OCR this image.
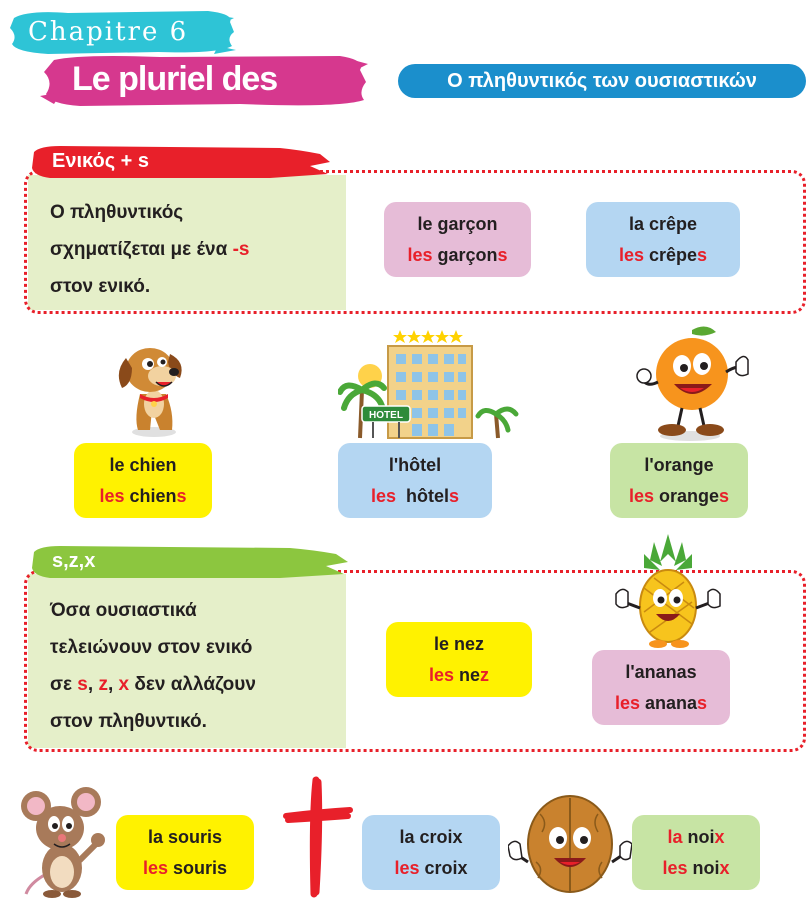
Chapitre 6
Le pluriel des noms
Ο πληθυντικός των ουσιαστικών
Ενικός + s
Ο πληθυντικός
σχηματίζεται με ένα -s
στον ενικό.
le garçon
les garçons
la crêpe
les crêpes
HOTEL
le chien
les chiens
l'hôtel
les  hôtels
l'orange
les oranges
s,z,x
Όσα ουσιαστικά
τελειώνουν στον ενικό
σε s, z, x δεν αλλάζουν
στον πληθυντικό.
le nez
les nez	l'ananas
les ananas
la souris
les souris
la croix
les croix
la noix
les noix
